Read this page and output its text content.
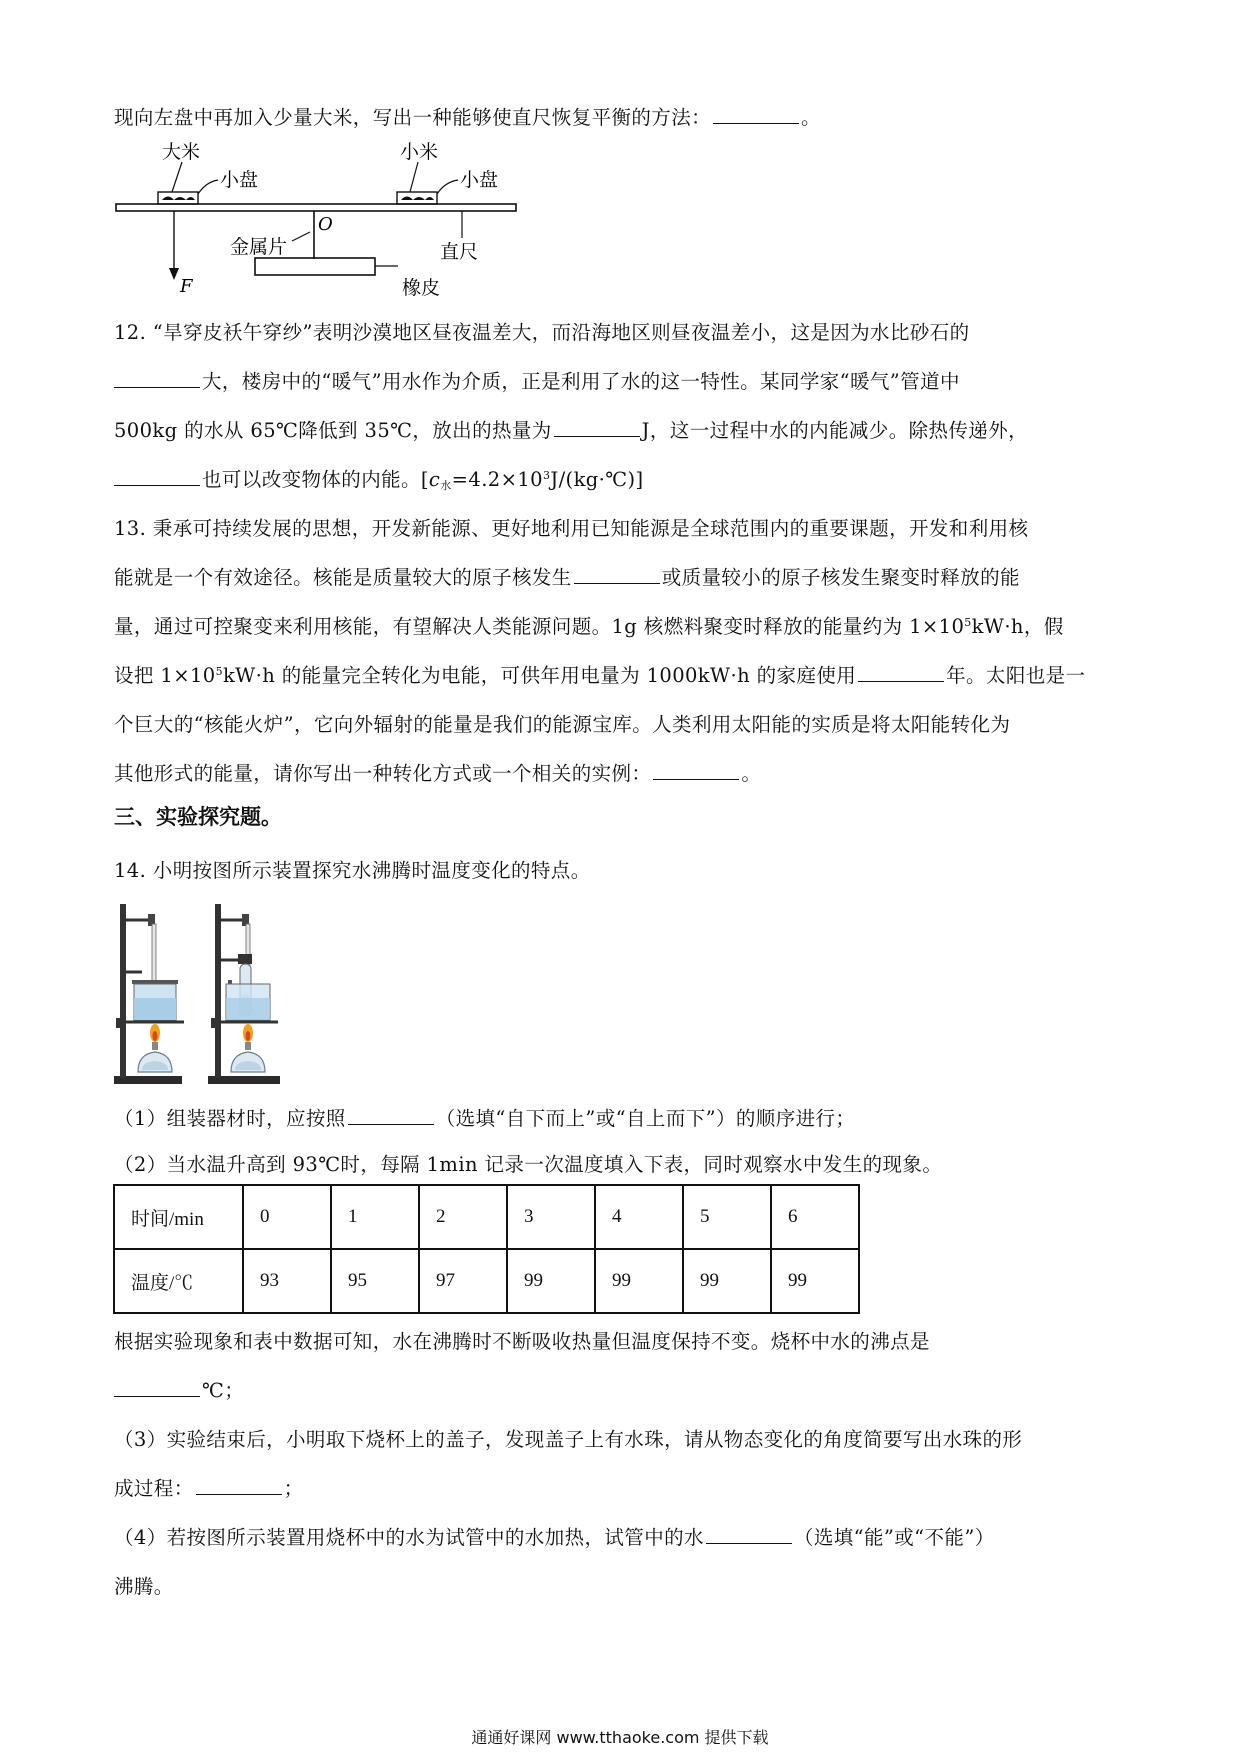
现向左盘中再加入少量大米，写出一种能够使直尺恢复平衡的方法：	。
大米
小盘
小米
小盘
O
金属片	直尺
F	橡皮
12. “旱穿皮袄午穿纱”表明沙漠地区昼夜温差大，而沿海地区则昼夜温差小，这是因为水比砂石的
大，楼房中的“暖气”用水作为介质，正是利用了水的这一特性。某同学家“暖气”管道中
500kg 的水从 65℃降低到 35℃，放出的热量为	J，这一过程中水的内能减少。除热传递外，
也可以改变物体的内能。$[c_水=4.2\times 10^3J/(kg\cdot℃)]$
13. 秉承可持续发展的思想，开发新能源、更好地利用已知能源是全球范围内的重要课题，开发和利用核
能就是一个有效途径。核能是质量较大的原子核发生	或质量较小的原子核发生聚变时释放的能
量，通过可控聚变来利用核能，有望解决人类能源问题。1g 核燃料聚变时释放的能量约为 $1\times 10^5kW\cdot h$，假
设把 $1\times 10^5kW\cdot h$ 的能量完全转化为电能，可供年用电量为 1000kW·h 的家庭使用	年。太阳也是一
个巨大的“核能火炉”，它向外辐射的能量是我们的能源宝库。人类利用太阳能的实质是将太阳能转化为
其他形式的能量，请你写出一种转化方式或一个相关的实例：	。
三、实验探究题。
14. 小明按图所示装置探究水沸腾时温度变化的特点。
（1）组装器材时，应按照	（选填“自下而上”或“自上而下”）的顺序进行；
（2）当水温升高到 93℃时，每隔 1min 记录一次温度填入下表，同时观察水中发生的现象。
时间/min	0	1	2	3	4	5	6
温度/℃	93	95	97	99	99	99	99
根据实验现象和表中数据可知，水在沸腾时不断吸收热量但温度保持不变。烧杯中水的沸点是
℃；
（3）实验结束后，小明取下烧杯上的盖子，发现盖子上有水珠，请从物态变化的角度简要写出水珠的形
成过程：	；
（4）若按图所示装置用烧杯中的水为试管中的水加热，试管中的水	（选填“能”或“不能”）
沸腾。
通通好课网 www.tthaoke.com 提供下载
